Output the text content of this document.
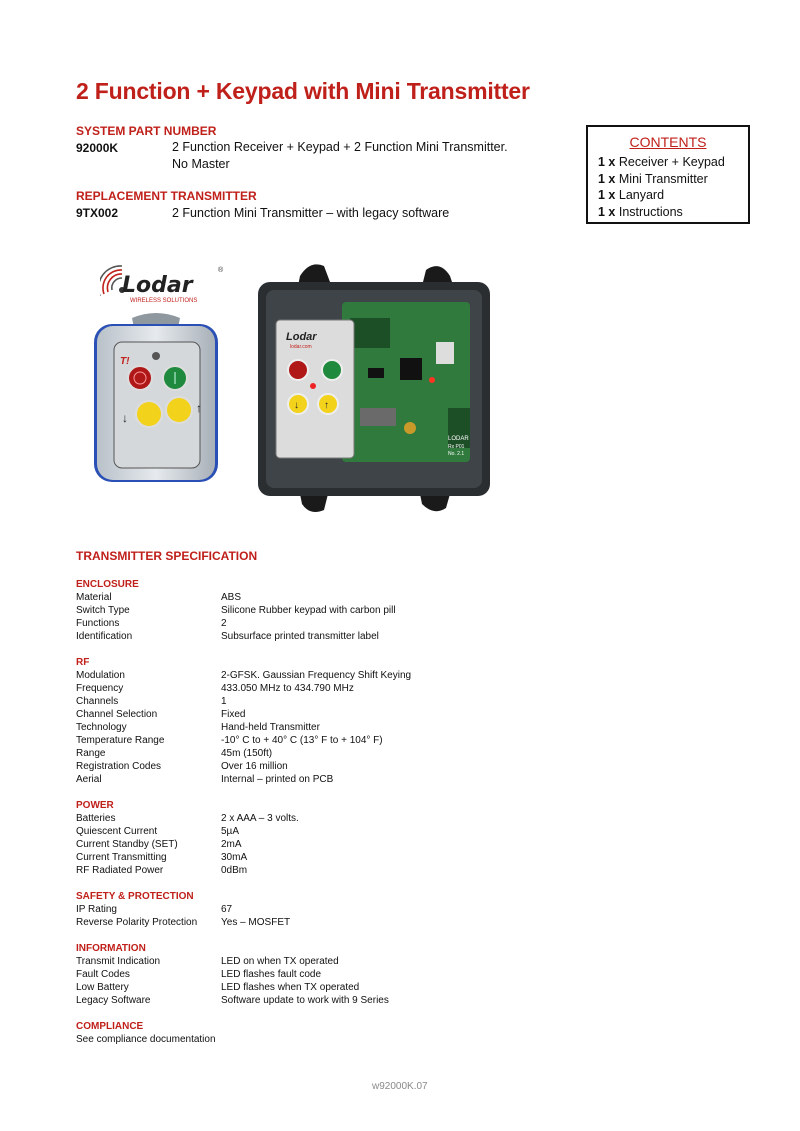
2 Function + Keypad with Mini Transmitter
SYSTEM PART NUMBER
92000K	2 Function Receiver + Keypad + 2 Function Mini Transmitter.
No Master
REPLACEMENT TRANSMITTER
9TX002	2 Function Mini Transmitter – with legacy software
CONTENTS
1 x Receiver + Keypad
1 x Mini Transmitter
1 x Lanyard
1 x Instructions
Lodar
®
WIRELESS SOLUTIONS
T!
↓
↑
LODAR
Rx P01
No. 2.1
Lodar
lodar.com
↓	↑
TRANSMITTER SPECIFICATION
ENCLOSURE
Material	ABS
Switch Type	Silicone Rubber keypad with carbon pill
Functions	2
Identification	Subsurface printed transmitter label
RF
Modulation	2-GFSK. Gaussian Frequency Shift Keying
Frequency	433.050 MHz to 434.790 MHz
Channels	1
Channel Selection	Fixed
Technology	Hand-held Transmitter
Temperature Range	-10° C to + 40° C (13° F to + 104° F)
Range	45m (150ft)
Registration Codes	Over 16 million
Aerial	Internal – printed on PCB
POWER
Batteries	2 x AAA – 3 volts.
Quiescent Current	5µA
Current Standby (SET)	2mA
Current Transmitting	30mA
RF Radiated Power	0dBm
SAFETY & PROTECTION
IP Rating	67
Reverse Polarity Protection	Yes – MOSFET
INFORMATION
Transmit Indication	LED on when TX operated
Fault Codes	LED flashes fault code
Low Battery	LED flashes when TX operated
Legacy Software	Software update to work with 9 Series
COMPLIANCE
See compliance documentation
w92000K.07
